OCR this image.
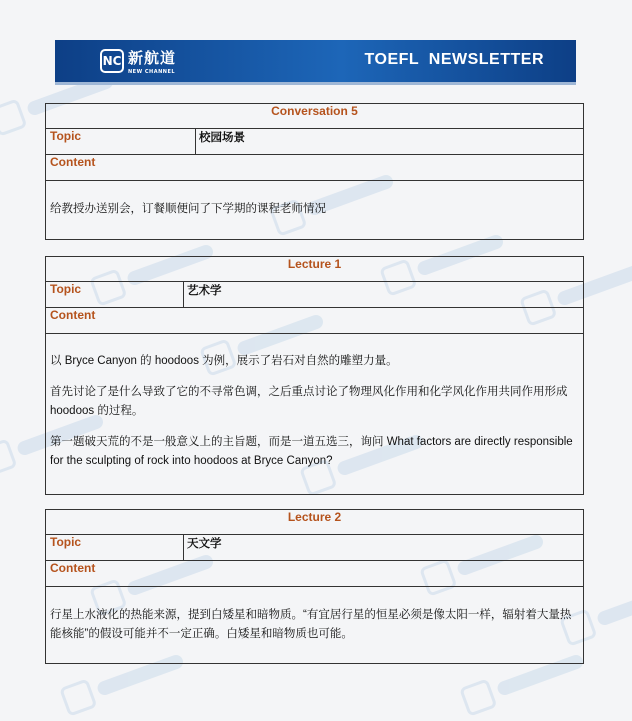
NC 新航道
NEW CHANNEL
TOEFL  NEWSLETTER
Conversation 5
Topic	校园场景
Content

给教授办送别会，订餐顺便问了下学期的课程老师情况

Lecture 1
Topic	艺术学
Content

以 Bryce Canyon 的 hoodoos 为例，展示了岩石对自然的雕塑力量。

首先讨论了是什么导致了它的不寻常色调，之后重点讨论了物理风化作用和化学风化作用共同作用形成 hoodoos 的过程。

第一题破天荒的不是一般意义上的主旨题，而是一道五选三，询问 What factors are directly responsible for the sculpting of rock into hoodoos at Bryce Canyon?

Lecture 2
Topic	天文学
Content

行星上水液化的热能来源，提到白矮星和暗物质。“有宜居行星的恒星必须是像太阳一样，辐射着大量热能核能”的假设可能并不一定正确。白矮星和暗物质也可能。
